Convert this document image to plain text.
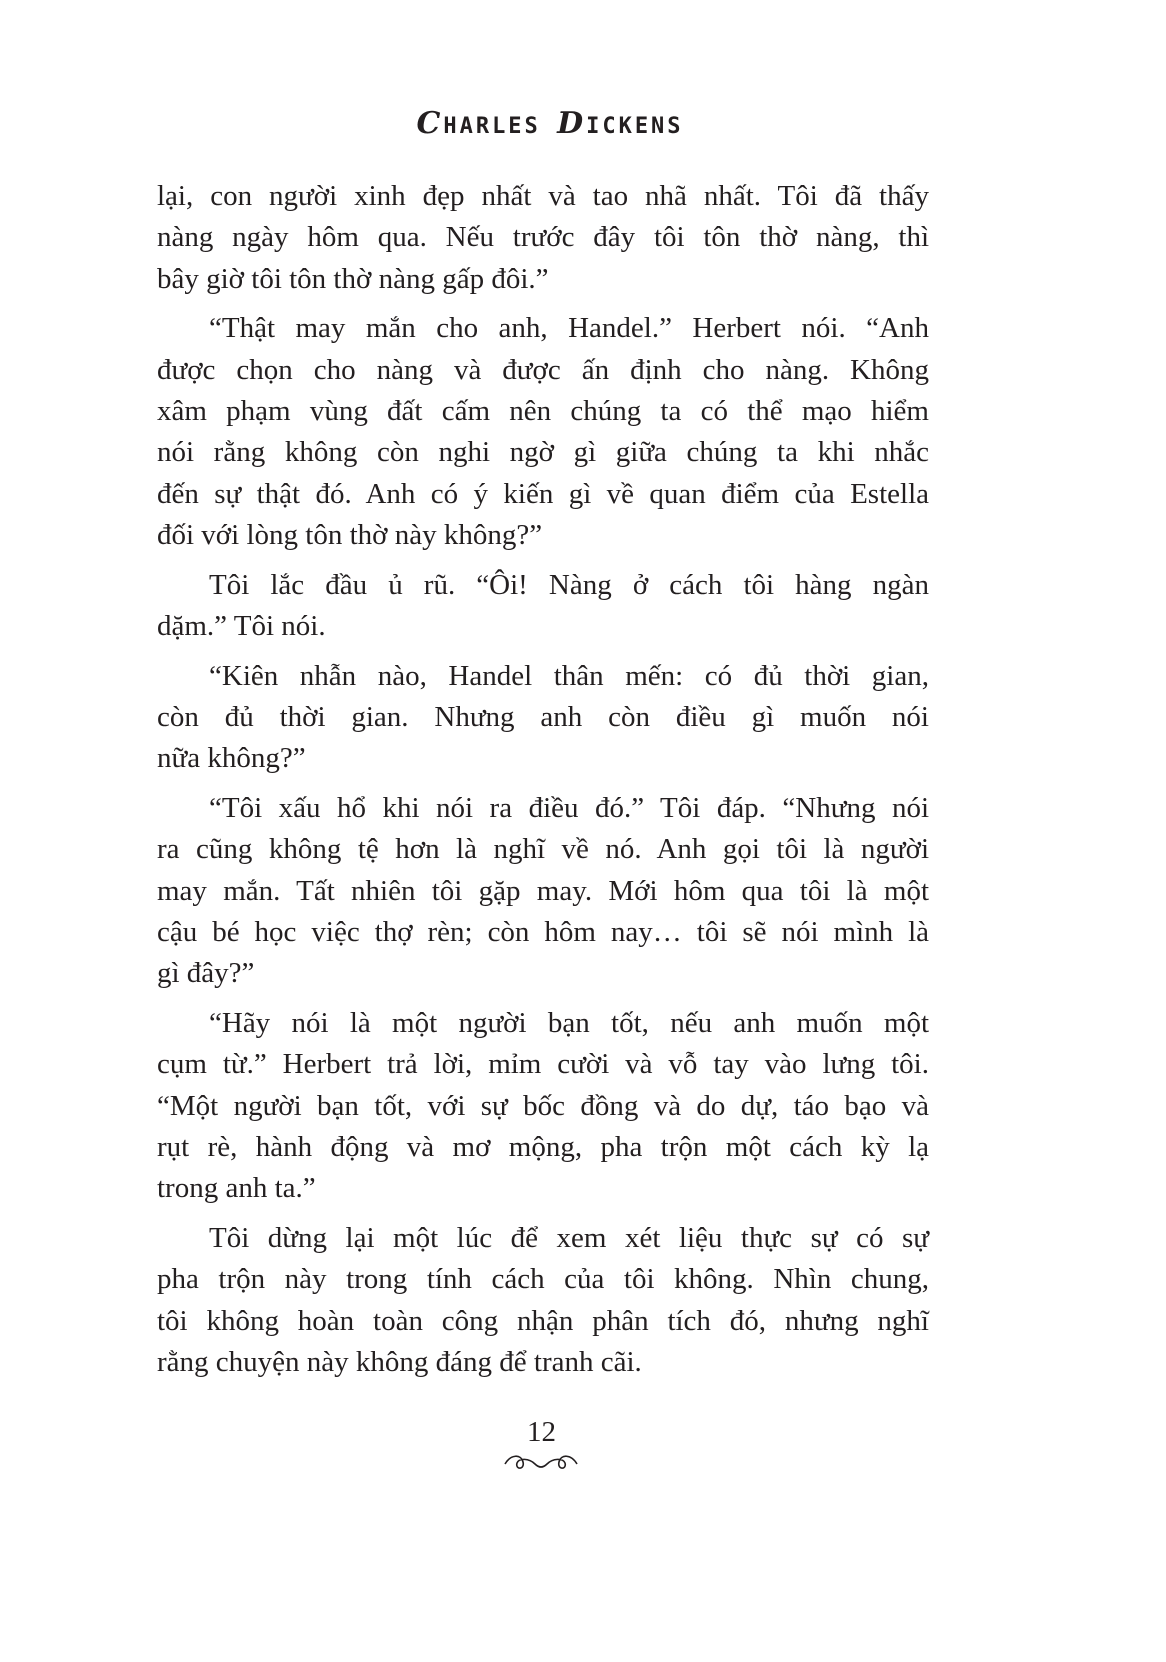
CHARLES DICKENS
lại, con người xinh đẹp nhất và tao nhã nhất. Tôi đã thấy
nàng ngày hôm qua. Nếu trước đây tôi tôn thờ nàng, thì
bây giờ tôi tôn thờ nàng gấp đôi.”
“Thật may mắn cho anh, Handel.” Herbert nói. “Anh
được chọn cho nàng và được ấn định cho nàng. Không
xâm phạm vùng đất cấm nên chúng ta có thể mạo hiểm
nói rằng không còn nghi ngờ gì giữa chúng ta khi nhắc
đến sự thật đó. Anh có ý kiến gì về quan điểm của Estella
đối với lòng tôn thờ này không?”
Tôi lắc đầu ủ rũ. “Ôi! Nàng ở cách tôi hàng ngàn
dặm.” Tôi nói.
“Kiên nhẫn nào, Handel thân mến: có đủ thời gian,
còn đủ thời gian. Nhưng anh còn điều gì muốn nói
nữa không?”
“Tôi xấu hổ khi nói ra điều đó.” Tôi đáp. “Nhưng nói
ra cũng không tệ hơn là nghĩ về nó. Anh gọi tôi là người
may mắn. Tất nhiên tôi gặp may. Mới hôm qua tôi là một
cậu bé học việc thợ rèn; còn hôm nay… tôi sẽ nói mình là
gì đây?”
“Hãy nói là một người bạn tốt, nếu anh muốn một
cụm từ.” Herbert trả lời, mỉm cười và vỗ tay vào lưng tôi.
“Một người bạn tốt, với sự bốc đồng và do dự, táo bạo và
rụt rè, hành động và mơ mộng, pha trộn một cách kỳ lạ
trong anh ta.”
Tôi dừng lại một lúc để xem xét liệu thực sự có sự
pha trộn này trong tính cách của tôi không. Nhìn chung,
tôi không hoàn toàn công nhận phân tích đó, nhưng nghĩ
rằng chuyện này không đáng để tranh cãi.
12
